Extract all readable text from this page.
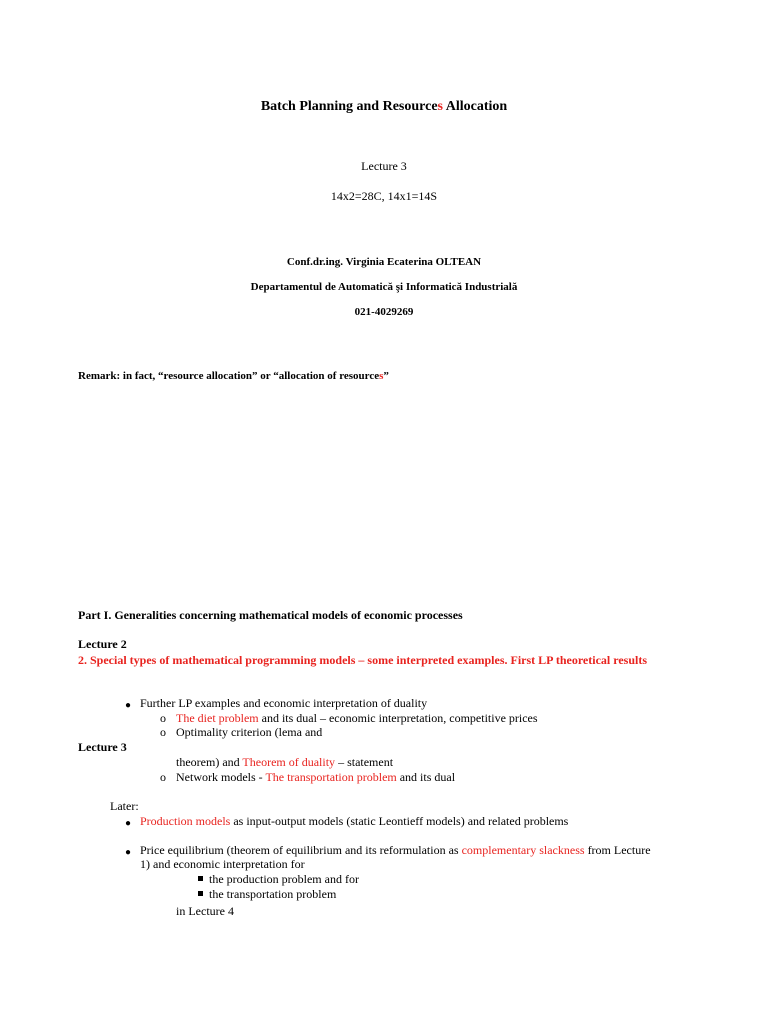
Batch Planning and Resources Allocation
Lecture 3
14x2=28C, 14x1=14S
Conf.dr.ing. Virginia Ecaterina OLTEAN
Departamentul de Automatică şi Informatică Industrială
021-4029269
Remark: in fact, “resource allocation” or “allocation of resources”
Part I. Generalities concerning mathematical models of economic processes
Lecture 2
2. Special types of mathematical programming models – some interpreted examples. First LP theoretical results
● Further LP examples and economic interpretation of duality
o The diet problem and its dual – economic interpretation, competitive prices
o Optimality criterion (lema and
Lecture 3
theorem) and Theorem of duality – statement
o Network models - The transportation problem and its dual
Later:
● Production models as input-output models (static Leontieff models) and related problems
● Price equilibrium (theorem of equilibrium and its reformulation as complementary slackness from Lecture
1) and economic interpretation for
the production problem and for
the transportation problem
in Lecture 4
